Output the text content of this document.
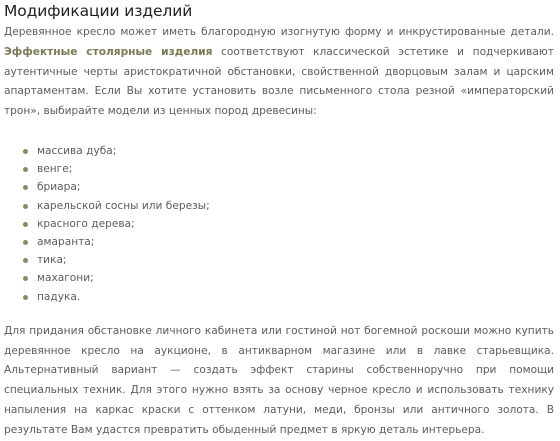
Модификации изделий

Деревянное кресло может иметь благородную изогнутую форму и инкрустированные детали. Эффектные столярные изделия соответствуют классической эстетике и подчеркивают аутентичные черты аристократичной обстановки, свойственной дворцовым залам и царским апартаментам. Если Вы хотите установить возле письменного стола резной «императорский трон», выбирайте модели из ценных пород древесины:

массива дуба;
венге;
бриара;
карельской сосны или березы;
красного дерева;
амаранта;
тика;
махагони;
падука.

Для придания обстановке личного кабинета или гостиной нот богемной роскоши можно купить деревянное кресло на аукционе, в антикварном магазине или в лавке старьевщика. Альтернативный вариант — создать эффект старины собственноручно при помощи специальных техник. Для этого нужно взять за основу черное кресло и использовать технику напыления на каркас краски с оттенком латуни, меди, бронзы или античного золота. В результате Вам удастся превратить обыденный предмет в яркую деталь интерьера.
